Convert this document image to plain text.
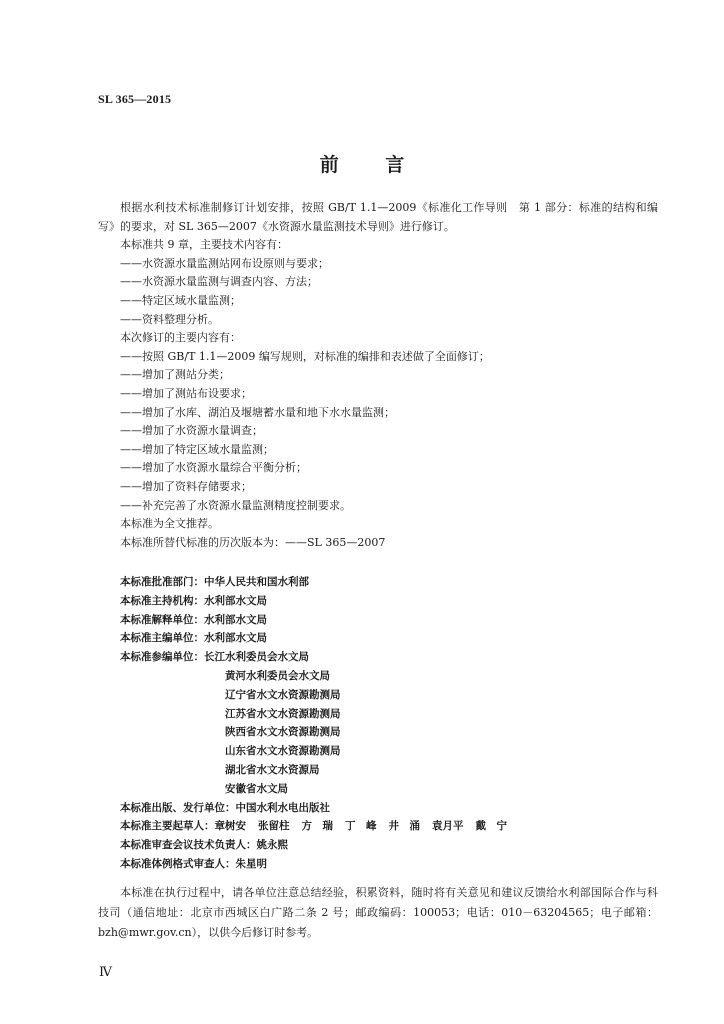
SL 365—2015
前 言

根据水利技术标准制修订计划安排，按照 GB/T 1.1—2009《标准化工作导则　第 1 部分：标准的结构和编写》的要求，对 SL 365—2007《水资源水量监测技术导则》进行修订。

本标准共 9 章，主要技术内容有：

——水资源水量监测站网布设原则与要求；

——水资源水量监测与调查内容、方法；

——特定区域水量监测；

——资料整理分析。

本次修订的主要内容有：

——按照 GB/T 1.1—2009 编写规则，对标准的编排和表述做了全面修订；

——增加了测站分类；

——增加了测站布设要求；

——增加了水库、湖泊及堰塘蓄水量和地下水水量监测；

——增加了水资源水量调查；

——增加了特定区域水量监测；

——增加了水资源水量综合平衡分析；

——增加了资料存储要求；

——补充完善了水资源水量监测精度控制要求。

本标准为全文推荐。

本标准所替代标准的历次版本为：——SL 365—2007

本标准批准部门：中华人民共和国水利部

本标准主持机构：水利部水文局

本标准解释单位：水利部水文局

本标准主编单位：水利部水文局

本标准参编单位：长江水利委员会水文局

黄河水利委员会水文局

辽宁省水文水资源勘测局

江苏省水文水资源勘测局

陕西省水文水资源勘测局

山东省水文水资源勘测局

湖北省水文水资源局

安徽省水文局

本标准出版、发行单位：中国水利水电出版社

本标准主要起草人：章树安 张留柱 方　瑞 丁　峰 井　涌 袁月平 戴　宁

本标准审查会议技术负责人：姚永熙

本标准体例格式审查人：朱星明

本标准在执行过程中，请各单位注意总结经验，积累资料，随时将有关意见和建议反馈给水利部国际合作与科技司（通信地址：北京市西城区白广路二条 2 号；邮政编码：100053；电话：010－63204565；电子邮箱：bzh@mwr.gov.cn），以供今后修订时参考。

Ⅳ
